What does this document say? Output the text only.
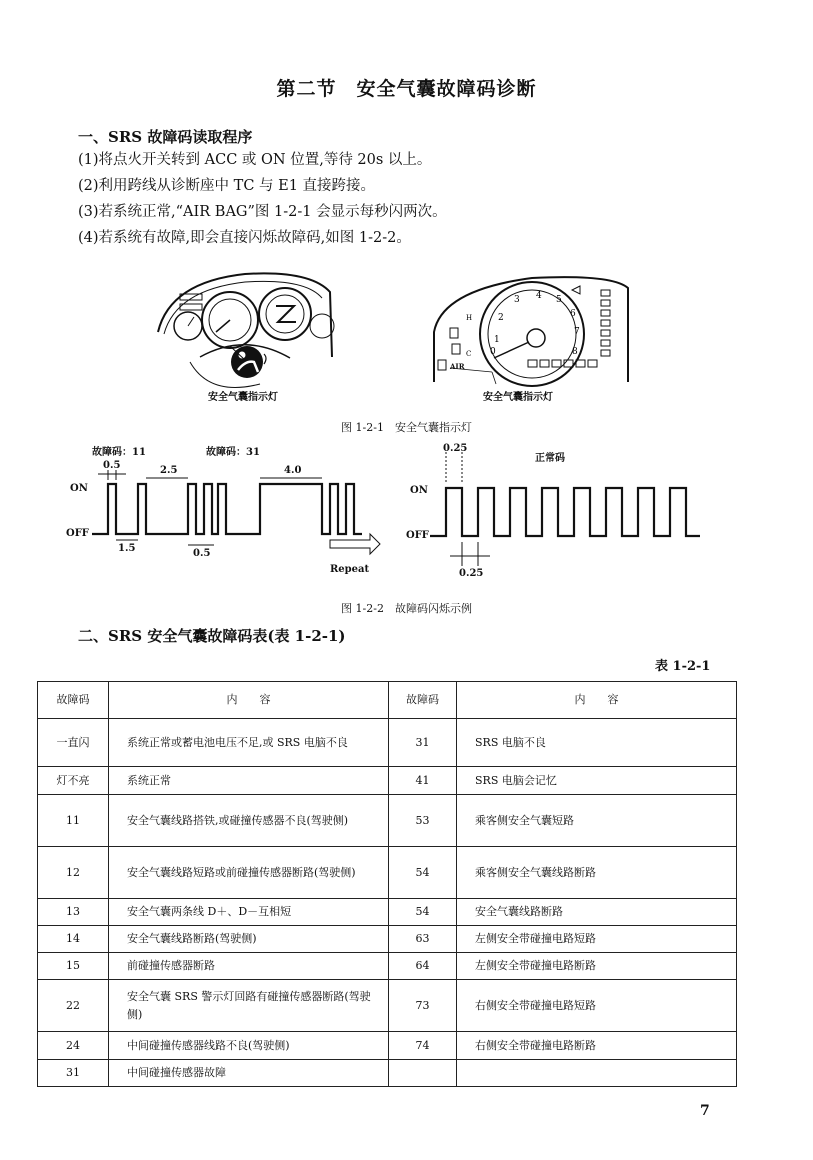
第二节　安全气囊故障码诊断
一、SRS 故障码读取程序
(1)将点火开关转到 ACC 或 ON 位置,等待 20s 以上。
(2)利用跨线从诊断座中 TC 与 E1 直接跨接。
(3)若系统正常,“AIR BAG”图 1-2-1 会显示每秒闪两次。
(4)若系统有故障,即会直接闪烁故障码,如图 1-2-2。
安全气囊指示灯
3 4 5
6
7
8
2
1
0
H
C
AIR
安全气囊指示灯
图 1-2-1　安全气囊指示灯
故障码：11	故障码：31
正常码
ON
OFF
ON
OFF
0.5	2.5	4.0
1.5	0.5
Repeat
0.25
0.25
图 1-2-2　故障码闪烁示例
二、SRS 安全气囊故障码表(表 1-2-1)
表 1-2-1
故障码	内　　容	故障码	内　　容
一直闪	系统正常或蓄电池电压不足,或 SRS 电脑不良	31	SRS 电脑不良
灯不亮	系统正常	41	SRS 电脑会记忆
11	安全气囊线路搭铁,或碰撞传感器不良(驾驶侧)	53	乘客侧安全气囊短路
12	安全气囊线路短路或前碰撞传感器断路(驾驶侧)	54	乘客侧安全气囊线路断路
13	安全气囊两条线 D＋、D－互相短	54	安全气囊线路断路
14	安全气囊线路断路(驾驶侧)	63	左侧安全带碰撞电路短路
15	前碰撞传感器断路	64	左侧安全带碰撞电路断路
22	安全气囊 SRS 警示灯回路有碰撞传感器断路(驾驶侧)	73	右侧安全带碰撞电路短路
24	中间碰撞传感器线路不良(驾驶侧)	74	右侧安全带碰撞电路断路
31	中间碰撞传感器故障		
7
